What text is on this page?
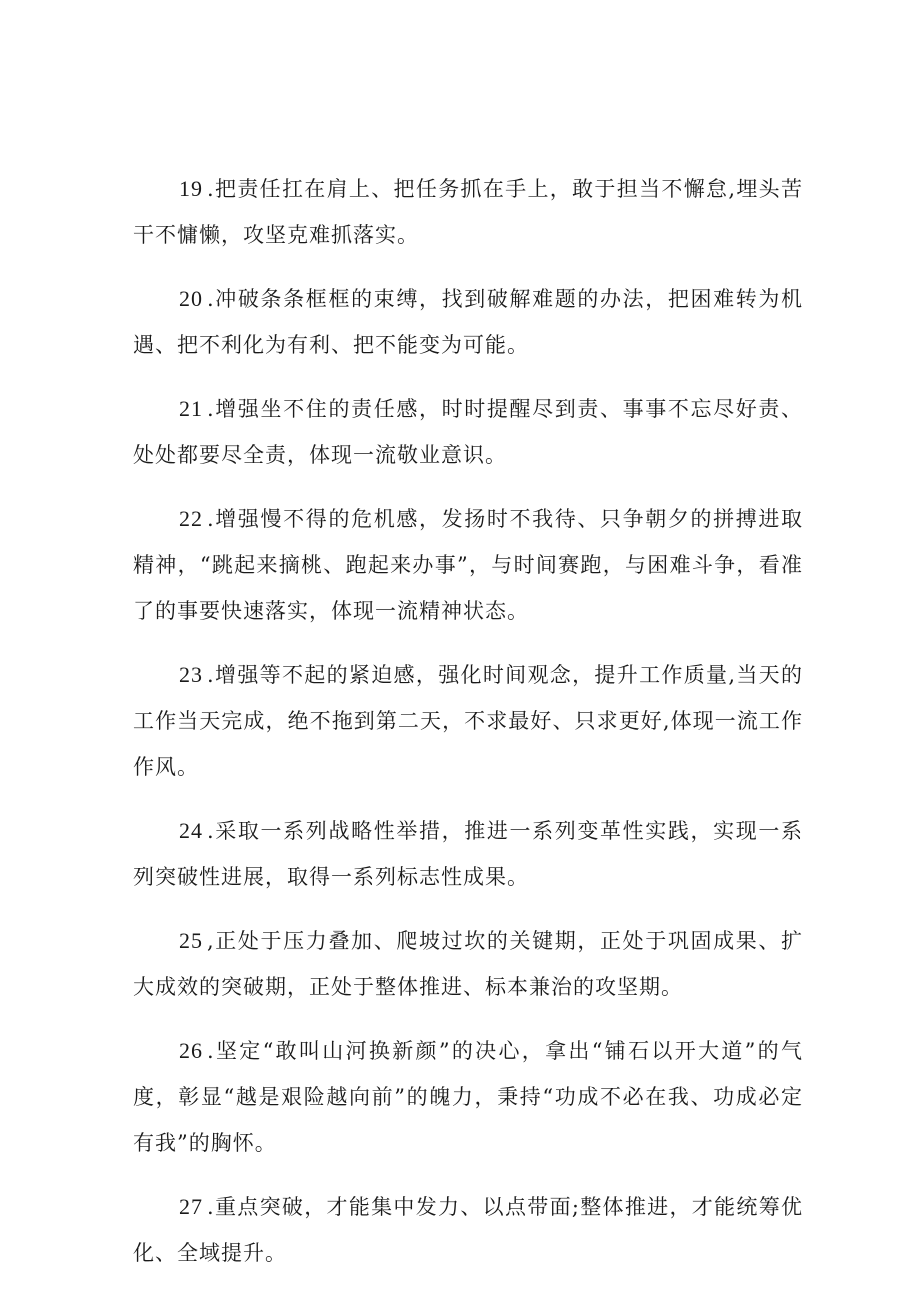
19 .把责任扛在肩上、把任务抓在手上，敢于担当不懈怠,埋头苦干不慵懒，攻坚克难抓落实。

20 .冲破条条框框的束缚，找到破解难题的办法，把困难转为机遇、把不利化为有利、把不能变为可能。

21 .增强坐不住的责任感，时时提醒尽到责、事事不忘尽好责、处处都要尽全责，体现一流敬业意识。

22 .增强慢不得的危机感，发扬时不我待、只争朝夕的拼搏进取精神，“跳起来摘桃、跑起来办事”，与时间赛跑，与困难斗争，看准了的事要快速落实，体现一流精神状态。

23 .增强等不起的紧迫感，强化时间观念，提升工作质量,当天的工作当天完成，绝不拖到第二天，不求最好、只求更好,体现一流工作作风。

24 .采取一系列战略性举措，推进一系列变革性实践，实现一系列突破性进展，取得一系列标志性成果。

25 ,正处于压力叠加、爬坡过坎的关键期，正处于巩固成果、扩大成效的突破期，正处于整体推进、标本兼治的攻坚期。

26 .坚定“敢叫山河换新颜”的决心，拿出“铺石以开大道”的气度，彰显“越是艰险越向前”的魄力，秉持“功成不必在我、功成必定有我”的胸怀。

27 .重点突破，才能集中发力、以点带面;整体推进，才能统筹优化、全域提升。
